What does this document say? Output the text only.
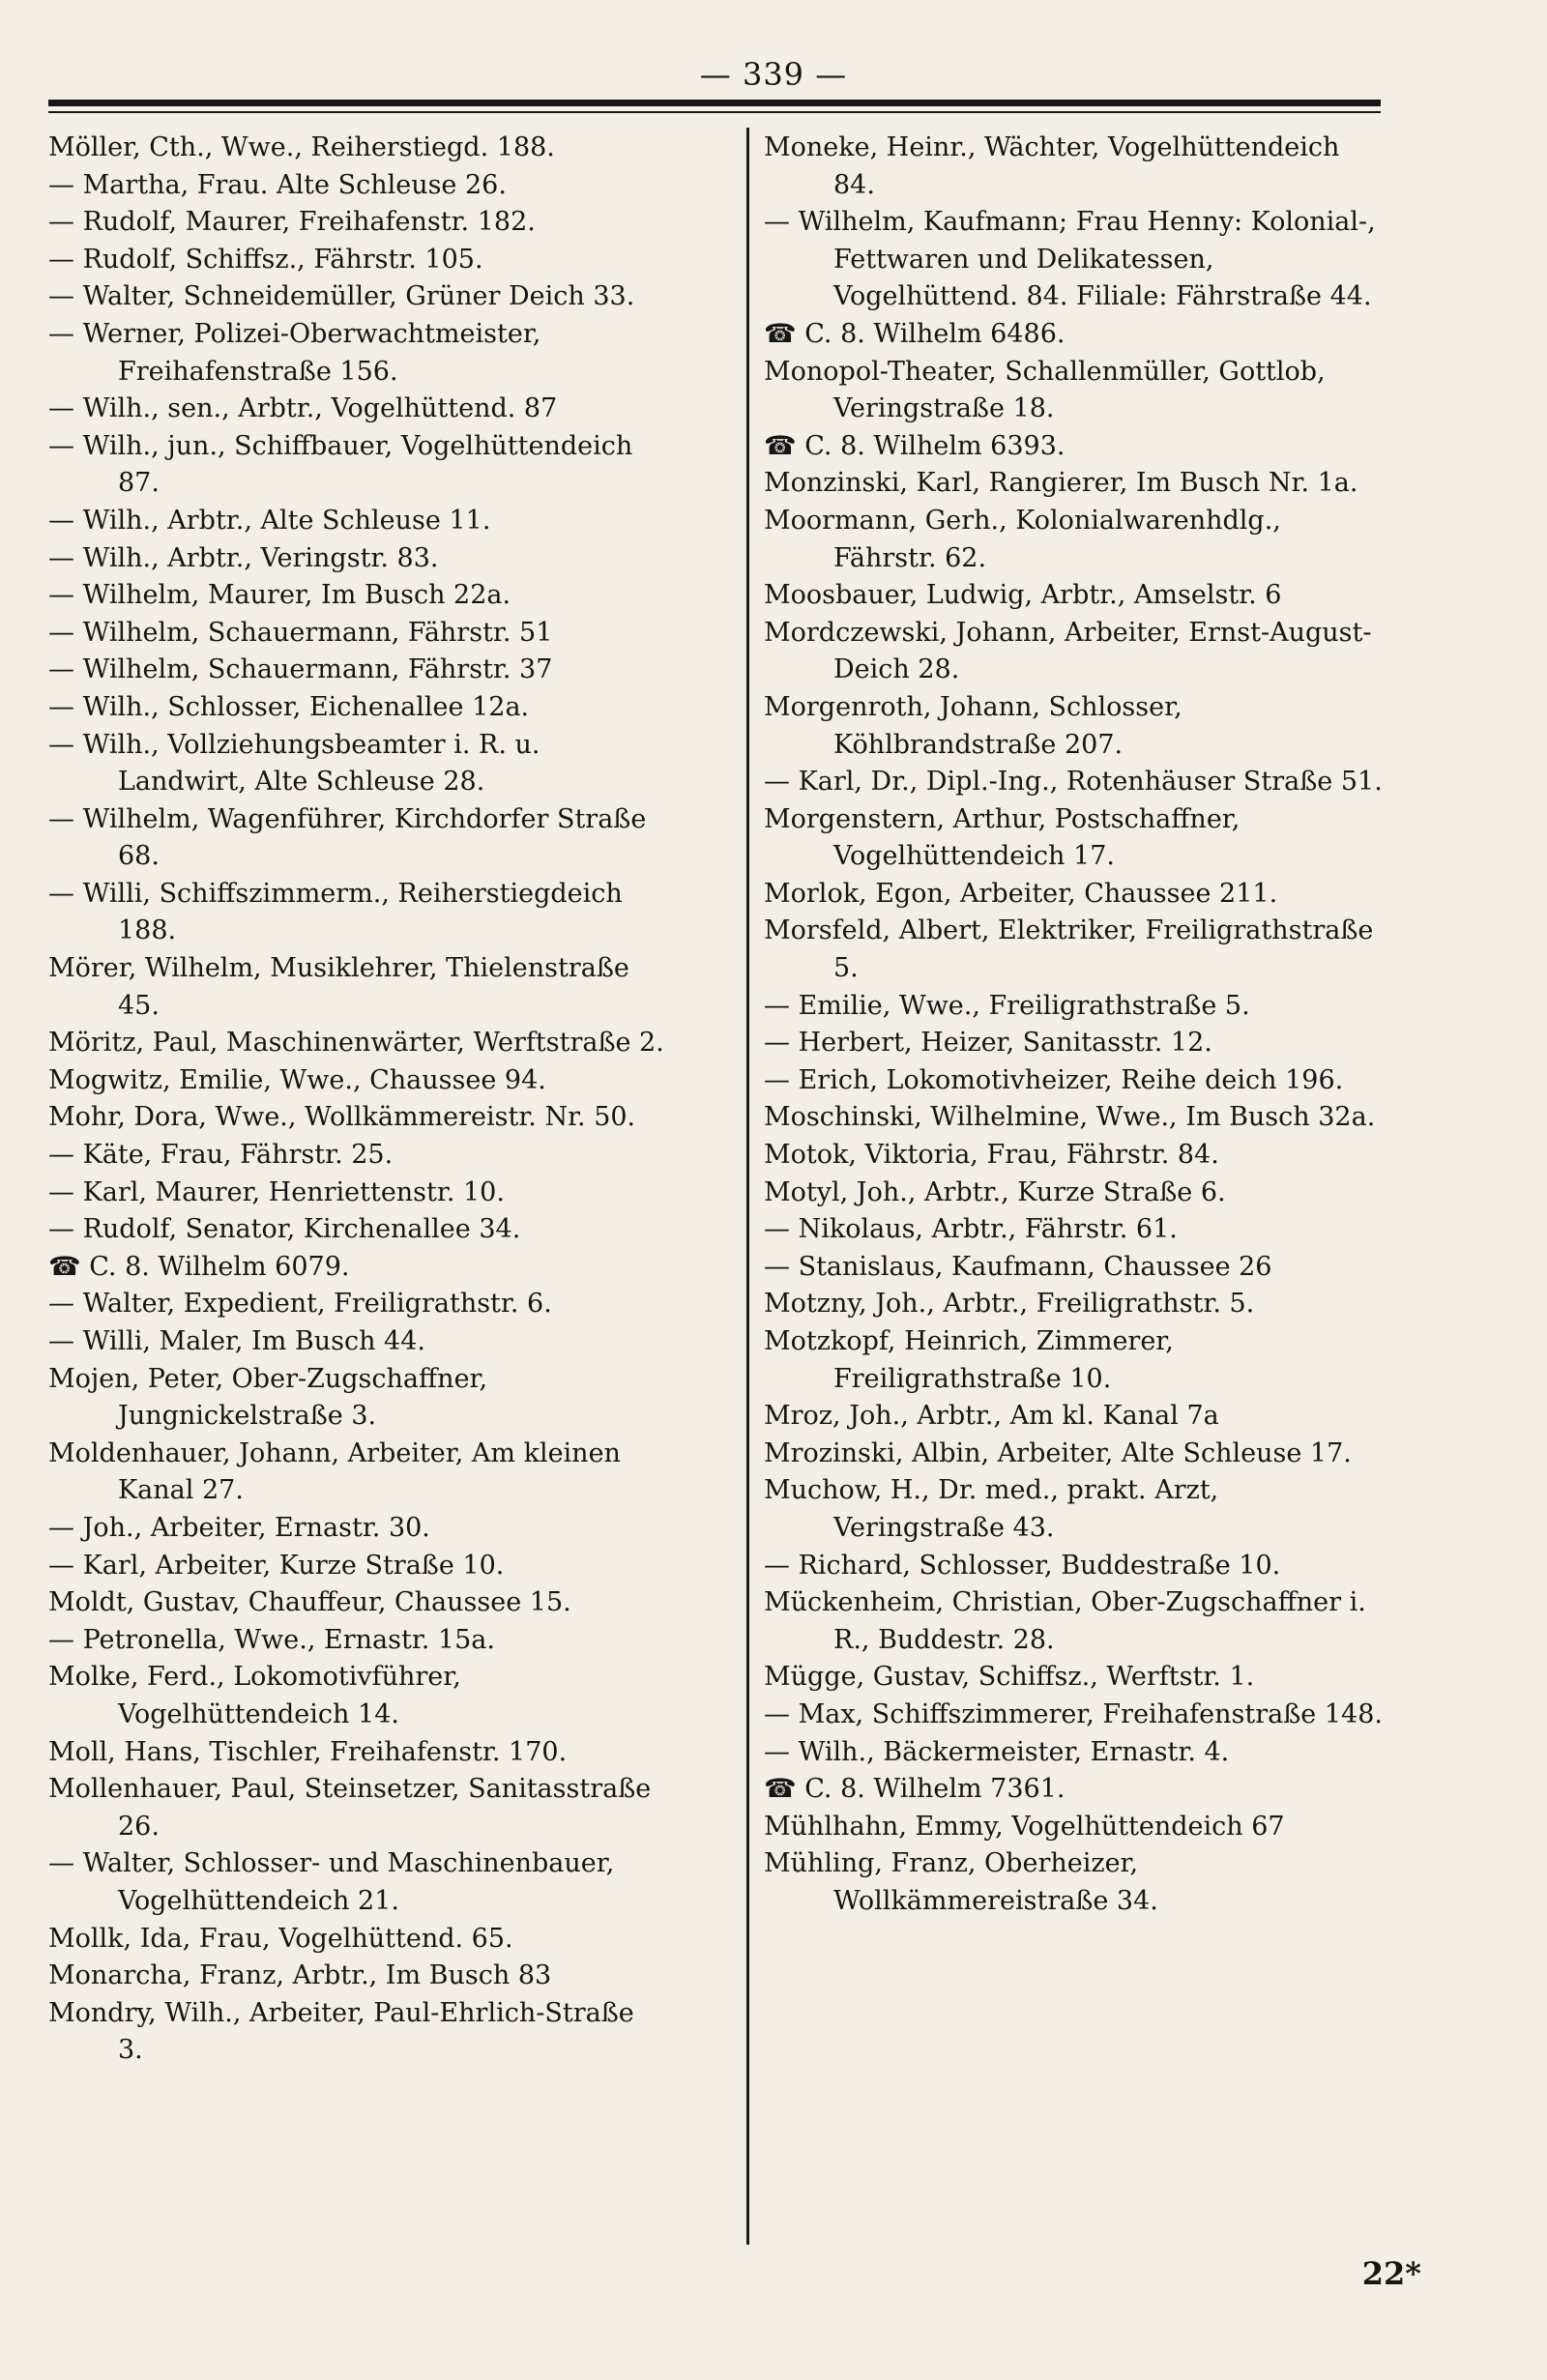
— 339 —

Möller, Cth., Wwe., Reiherstiegd. 188.

— Martha, Frau. Alte Schleuse 26.

— Rudolf, Maurer, Freihafenstr. 182.

— Rudolf, Schiffsz., Fährstr. 105.

— Walter, Schneidemüller, Grüner Deich 33.

— Werner, Polizei-Oberwachtmeister, Freihafenstraße 156.

— Wilh., sen., Arbtr., Vogelhüttend. 87

— Wilh., jun., Schiffbauer, Vogelhüttendeich 87.

— Wilh., Arbtr., Alte Schleuse 11.

— Wilh., Arbtr., Veringstr. 83.

— Wilhelm, Maurer, Im Busch 22a.

— Wilhelm, Schauermann, Fährstr. 51

— Wilhelm, Schauermann, Fährstr. 37

— Wilh., Schlosser, Eichenallee 12a.

— Wilh., Vollziehungsbeamter i. R. u. Landwirt, Alte Schleuse 28.

— Wilhelm, Wagenführer, Kirchdorfer Straße 68.

— Willi, Schiffszimmerm., Reiherstiegdeich 188.

Mörer, Wilhelm, Musiklehrer, Thielenstraße 45.

Möritz, Paul, Maschinenwärter, Werftstraße 2.

Mogwitz, Emilie, Wwe., Chaussee 94.

Mohr, Dora, Wwe., Wollkämmereistr. Nr. 50.

— Käte, Frau, Fährstr. 25.

— Karl, Maurer, Henriettenstr. 10.

— Rudolf, Senator, Kirchenallee 34.

☎ C. 8. Wilhelm 6079.

— Walter, Expedient, Freiligrathstr. 6.

— Willi, Maler, Im Busch 44.

Mojen, Peter, Ober-Zugschaffner, Jungnickelstraße 3.

Moldenhauer, Johann, Arbeiter, Am kleinen Kanal 27.

— Joh., Arbeiter, Ernastr. 30.

— Karl, Arbeiter, Kurze Straße 10.

Moldt, Gustav, Chauffeur, Chaussee 15.

— Petronella, Wwe., Ernastr. 15a.

Molke, Ferd., Lokomotivführer, Vogelhüttendeich 14.

Moll, Hans, Tischler, Freihafenstr. 170.

Mollenhauer, Paul, Steinsetzer, Sanitasstraße 26.

— Walter, Schlosser- und Maschinenbauer, Vogelhüttendeich 21.

Mollk, Ida, Frau, Vogelhüttend. 65.

Monarcha, Franz, Arbtr., Im Busch 83

Mondry, Wilh., Arbeiter, Paul-Ehrlich-Straße 3.

Moneke, Heinr., Wächter, Vogelhüttendeich 84.

— Wilhelm, Kaufmann; Frau Henny: Kolonial-, Fettwaren und Delikatessen, Vogelhüttend. 84. Filiale: Fährstraße 44.

☎ C. 8. Wilhelm 6486.

Monopol-Theater, Schallenmüller, Gottlob, Veringstraße 18.

☎ C. 8. Wilhelm 6393.

Monzinski, Karl, Rangierer, Im Busch Nr. 1a.

Moormann, Gerh., Kolonialwarenhdlg., Fährstr. 62.

Moosbauer, Ludwig, Arbtr., Amselstr. 6

Mordczewski, Johann, Arbeiter, Ernst-August-Deich 28.

Morgenroth, Johann, Schlosser, Köhlbrandstraße 207.

— Karl, Dr., Dipl.-Ing., Rotenhäuser Straße 51.

Morgenstern, Arthur, Postschaffner, Vogelhüttendeich 17.

Morlok, Egon, Arbeiter, Chaussee 211.

Morsfeld, Albert, Elektriker, Freiligrathstraße 5.

— Emilie, Wwe., Freiligrathstraße 5.

— Herbert, Heizer, Sanitasstr. 12.

— Erich, Lokomotivheizer, Reihe deich 196.

Moschinski, Wilhelmine, Wwe., Im Busch 32a.

Motok, Viktoria, Frau, Fährstr. 84.

Motyl, Joh., Arbtr., Kurze Straße 6.

— Nikolaus, Arbtr., Fährstr. 61.

— Stanislaus, Kaufmann, Chaussee 26

Motzny, Joh., Arbtr., Freiligrathstr. 5.

Motzkopf, Heinrich, Zimmerer, Freiligrathstraße 10.

Mroz, Joh., Arbtr., Am kl. Kanal 7a

Mrozinski, Albin, Arbeiter, Alte Schleuse 17.

Muchow, H., Dr. med., prakt. Arzt, Veringstraße 43.

— Richard, Schlosser, Buddestraße 10.

Mückenheim, Christian, Ober-Zugschaffner i. R., Buddestr. 28.

Mügge, Gustav, Schiffsz., Werftstr. 1.

— Max, Schiffszimmerer, Freihafenstraße 148.

— Wilh., Bäckermeister, Ernastr. 4.

☎ C. 8. Wilhelm 7361.

Mühlhahn, Emmy, Vogelhüttendeich 67

Mühling, Franz, Oberheizer, Wollkämmereistraße 34.

22*
